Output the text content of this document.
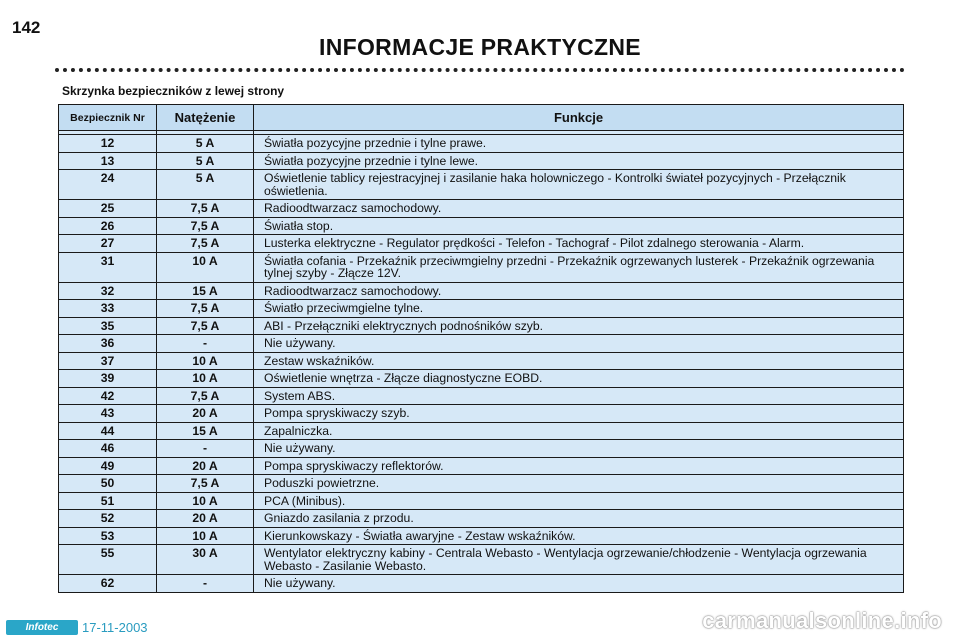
142
INFORMACJE PRAKTYCZNE
Skrzynka bezpieczników z lewej strony
Bezpiecznik Nr	Natężenie	Funkcje

12	5 A	Światła pozycyjne przednie i tylne prawe.
13	5 A	Światła pozycyjne przednie i tylne lewe.
24	5 A	Oświetlenie tablicy rejestracyjnej i zasilanie haka holowniczego - Kontrolki świateł pozycyjnych - Przełącznik oświetlenia.
25	7,5 A	Radioodtwarzacz samochodowy.
26	7,5 A	Światła stop.
27	7,5 A	Lusterka elektryczne - Regulator prędkości - Telefon - Tachograf - Pilot zdalnego sterowania - Alarm.
31	10 A	Światła cofania - Przekaźnik przeciwmgielny przedni - Przekaźnik ogrzewanych lusterek - Przekaźnik ogrzewania tylnej szyby - Złącze 12V.
32	15 A	Radioodtwarzacz samochodowy.
33	7,5 A	Światło przeciwmgielne tylne.
35	7,5 A	ABI - Przełączniki elektrycznych podnośników szyb.
36	-	Nie używany.
37	10 A	Zestaw wskaźników.
39	10 A	Oświetlenie wnętrza - Złącze diagnostyczne EOBD.
42	7,5 A	System ABS.
43	20 A	Pompa spryskiwaczy szyb.
44	15 A	Zapalniczka.
46	-	Nie używany.
49	20 A	Pompa spryskiwaczy reflektorów.
50	7,5 A	Poduszki powietrzne.
51	10 A	PCA (Minibus).
52	20 A	Gniazdo zasilania z przodu.
53	10 A	Kierunkowskazy - Światła awaryjne - Zestaw wskaźników.
55	30 A	Wentylator elektryczny kabiny - Centrala Webasto - Wentylacja ogrzewanie/chłodzenie - Wentylacja ogrzewania Webasto - Zasilanie Webasto.
62	-	Nie używany.
Infotec	17-11-2003	carmanualsonline.info
